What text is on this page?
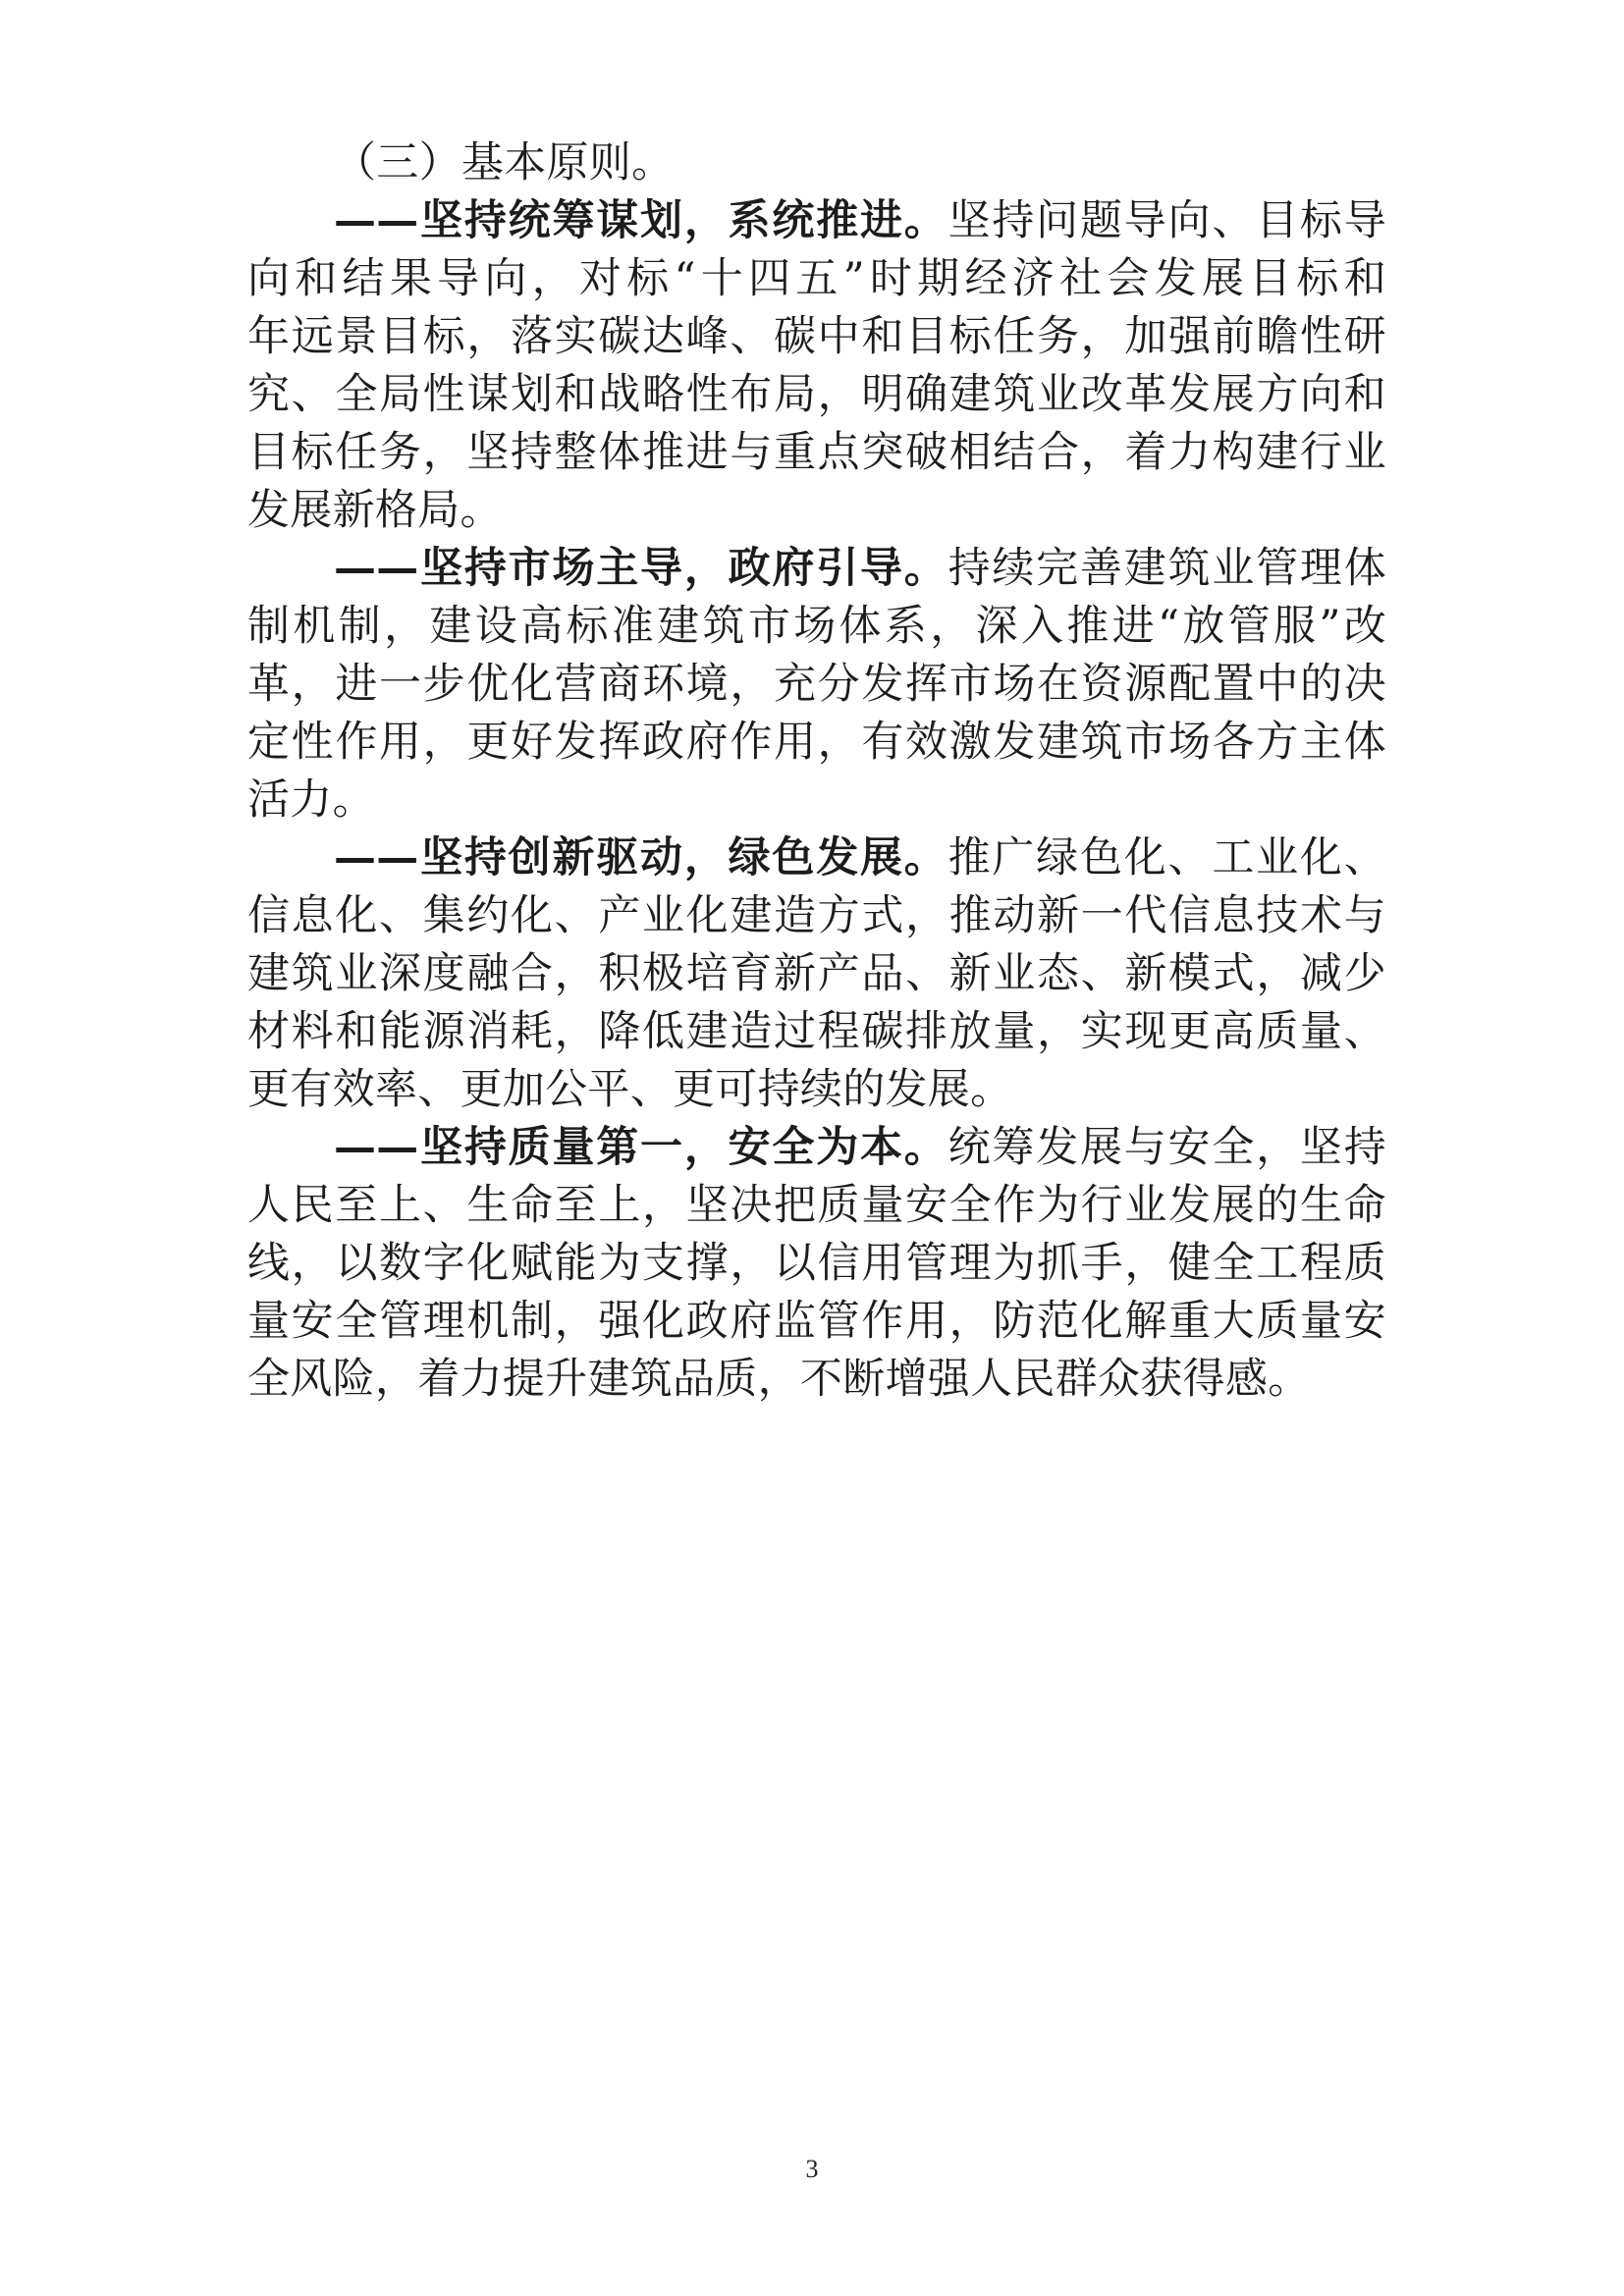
（三）基本原则。
——坚持统筹谋划，系统推进。坚持问题导向、目标导
向和结果导向，对标“十四五”时期经济社会发展目标和
年远景目标，落实碳达峰、碳中和目标任务，加强前瞻性研
究、全局性谋划和战略性布局，明确建筑业改革发展方向和
目标任务，坚持整体推进与重点突破相结合，着力构建行业
发展新格局。
——坚持市场主导，政府引导。持续完善建筑业管理体
制机制，建设高标准建筑市场体系，深入推进“放管服”改
革，进一步优化营商环境，充分发挥市场在资源配置中的决
定性作用，更好发挥政府作用，有效激发建筑市场各方主体
活力。
——坚持创新驱动，绿色发展。推广绿色化、工业化、
信息化、集约化、产业化建造方式，推动新一代信息技术与
建筑业深度融合，积极培育新产品、新业态、新模式，减少
材料和能源消耗，降低建造过程碳排放量，实现更高质量、
更有效率、更加公平、更可持续的发展。
——坚持质量第一，安全为本。统筹发展与安全，坚持
人民至上、生命至上，坚决把质量安全作为行业发展的生命
线，以数字化赋能为支撑，以信用管理为抓手，健全工程质
量安全管理机制，强化政府监管作用，防范化解重大质量安
全风险，着力提升建筑品质，不断增强人民群众获得感。
3
